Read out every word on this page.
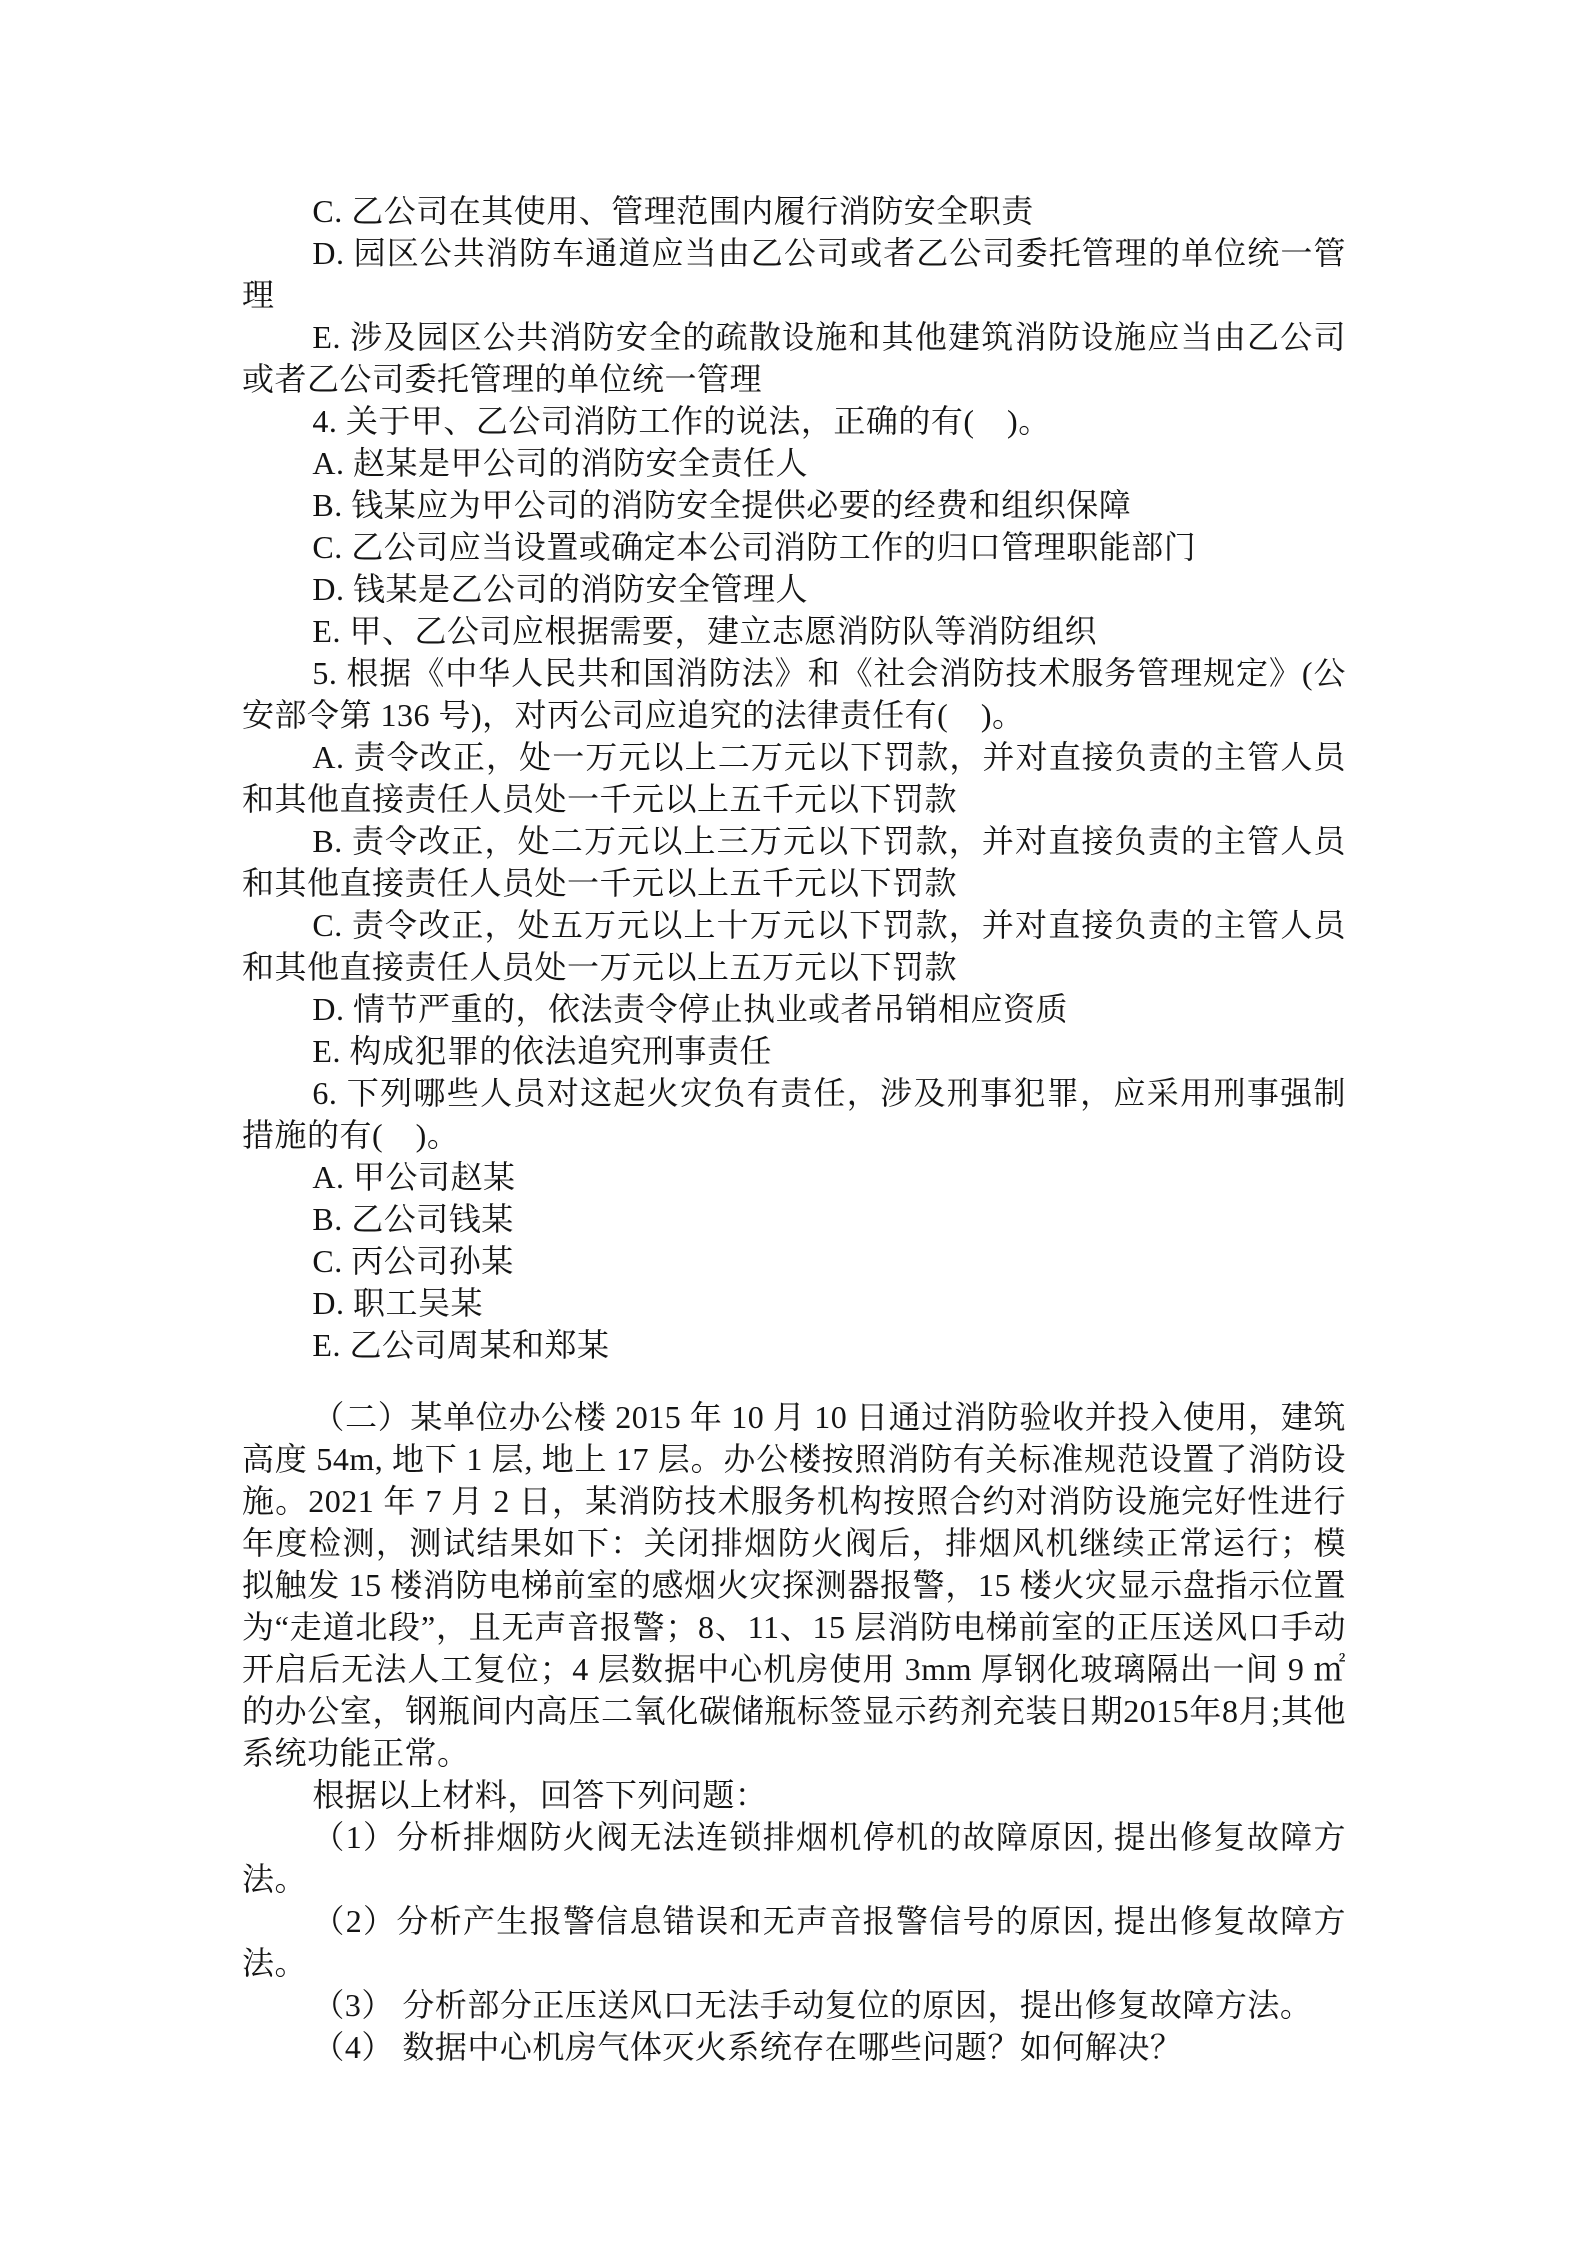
C. 乙公司在其使用、管理范围内履行消防安全职责

D. 园区公共消防车通道应当由乙公司或者乙公司委托管理的单位统一管理

E. 涉及园区公共消防安全的疏散设施和其他建筑消防设施应当由乙公司或者乙公司委托管理的单位统一管理

4. 关于甲、乙公司消防工作的说法，正确的有(　)。

A. 赵某是甲公司的消防安全责任人

B. 钱某应为甲公司的消防安全提供必要的经费和组织保障

C. 乙公司应当设置或确定本公司消防工作的归口管理职能部门

D. 钱某是乙公司的消防安全管理人

E. 甲、乙公司应根据需要，建立志愿消防队等消防组织

5. 根据《中华人民共和国消防法》和《社会消防技术服务管理规定》(公安部令第 136 号)，对丙公司应追究的法律责任有(　)。

A. 责令改正，处一万元以上二万元以下罚款，并对直接负责的主管人员和其他直接责任人员处一千元以上五千元以下罚款

B. 责令改正，处二万元以上三万元以下罚款，并对直接负责的主管人员和其他直接责任人员处一千元以上五千元以下罚款

C. 责令改正，处五万元以上十万元以下罚款，并对直接负责的主管人员和其他直接责任人员处一万元以上五万元以下罚款

D. 情节严重的，依法责令停止执业或者吊销相应资质

E. 构成犯罪的依法追究刑事责任

6. 下列哪些人员对这起火灾负有责任，涉及刑事犯罪，应采用刑事强制措施的有(　)。

A. 甲公司赵某

B. 乙公司钱某

C. 丙公司孙某

D. 职工吴某

E. 乙公司周某和郑某

（二）某单位办公楼 2015 年 10 月 10 日通过消防验收并投入使用，建筑高度 54m, 地下 1 层, 地上 17 层。办公楼按照消防有关标准规范设置了消防设施。2021 年 7 月 2 日，某消防技术服务机构按照合约对消防设施完好性进行年度检测，测试结果如下：关闭排烟防火阀后，排烟风机继续正常运行；模拟触发 15 楼消防电梯前室的感烟火灾探测器报警，15 楼火灾显示盘指示位置为“走道北段”，且无声音报警；8、11、15 层消防电梯前室的正压送风口手动开启后无法人工复位；4 层数据中心机房使用 3mm 厚钢化玻璃隔出一间 9 ㎡的办公室，钢瓶间内高压二氧化碳储瓶标签显示药剂充装日期2015年8月;其他系统功能正常。

根据以上材料，回答下列问题：

（1）分析排烟防火阀无法连锁排烟机停机的故障原因, 提出修复故障方法。

（2）分析产生报警信息错误和无声音报警信号的原因, 提出修复故障方法。

（3） 分析部分正压送风口无法手动复位的原因，提出修复故障方法。

（4） 数据中心机房气体灭火系统存在哪些问题？如何解决？
